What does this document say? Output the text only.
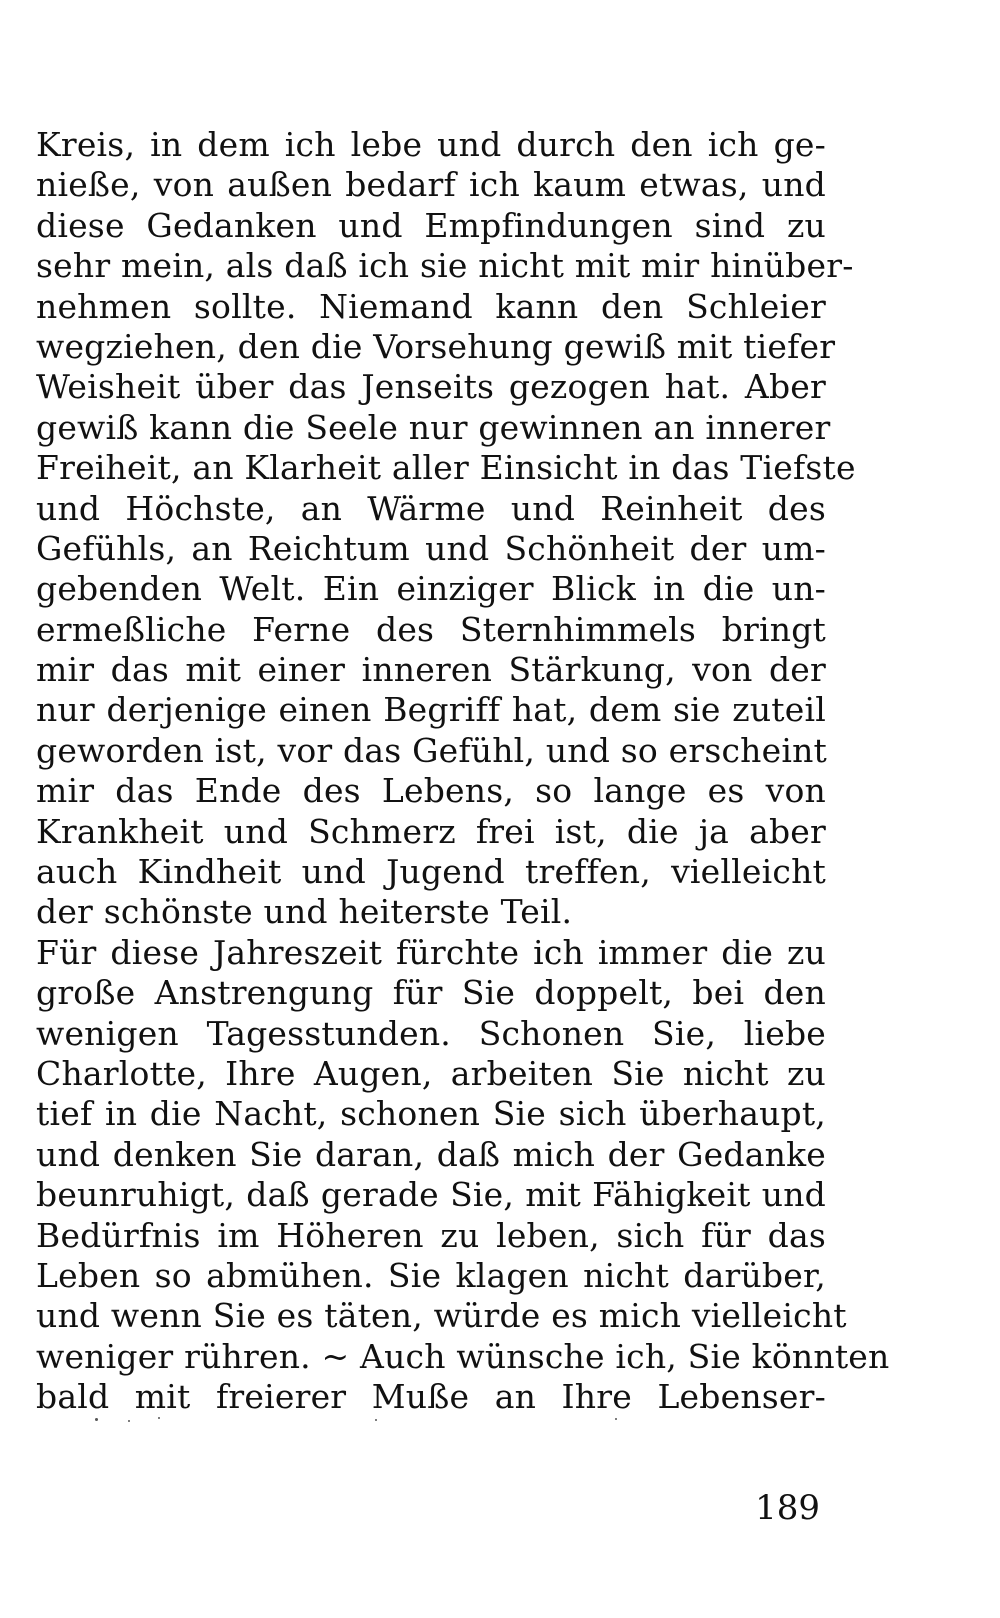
Kreis, in dem ich lebe und durch den ich ge-
nieße, von außen bedarf ich kaum etwas, und
diese Gedanken und Empfindungen sind zu
sehr mein, als daß ich sie nicht mit mir hinüber-
nehmen sollte. Niemand kann den Schleier
wegziehen, den die Vorsehung gewiß mit tiefer
Weisheit über das Jenseits gezogen hat. Aber
gewiß kann die Seele nur gewinnen an innerer
Freiheit, an Klarheit aller Einsicht in das Tiefste
und Höchste, an Wärme und Reinheit des
Gefühls, an Reichtum und Schönheit der um-
gebenden Welt. Ein einziger Blick in die un-
ermeßliche Ferne des Sternhimmels bringt
mir das mit einer inneren Stärkung, von der
nur derjenige einen Begriff hat, dem sie zuteil
geworden ist, vor das Gefühl, und so erscheint
mir das Ende des Lebens, so lange es von
Krankheit und Schmerz frei ist, die ja aber
auch Kindheit und Jugend treffen, vielleicht
der schönste und heiterste Teil.
Für diese Jahreszeit fürchte ich immer die zu
große Anstrengung für Sie doppelt, bei den
wenigen Tagesstunden. Schonen Sie, liebe
Charlotte, Ihre Augen, arbeiten Sie nicht zu
tief in die Nacht, schonen Sie sich überhaupt,
und denken Sie daran, daß mich der Gedanke
beunruhigt, daß gerade Sie, mit Fähigkeit und
Bedürfnis im Höheren zu leben, sich für das
Leben so abmühen. Sie klagen nicht darüber,
und wenn Sie es täten, würde es mich vielleicht
weniger rühren. ~ Auch wünsche ich, Sie könnten
bald mit freierer Muße an Ihre Lebenser-
189
